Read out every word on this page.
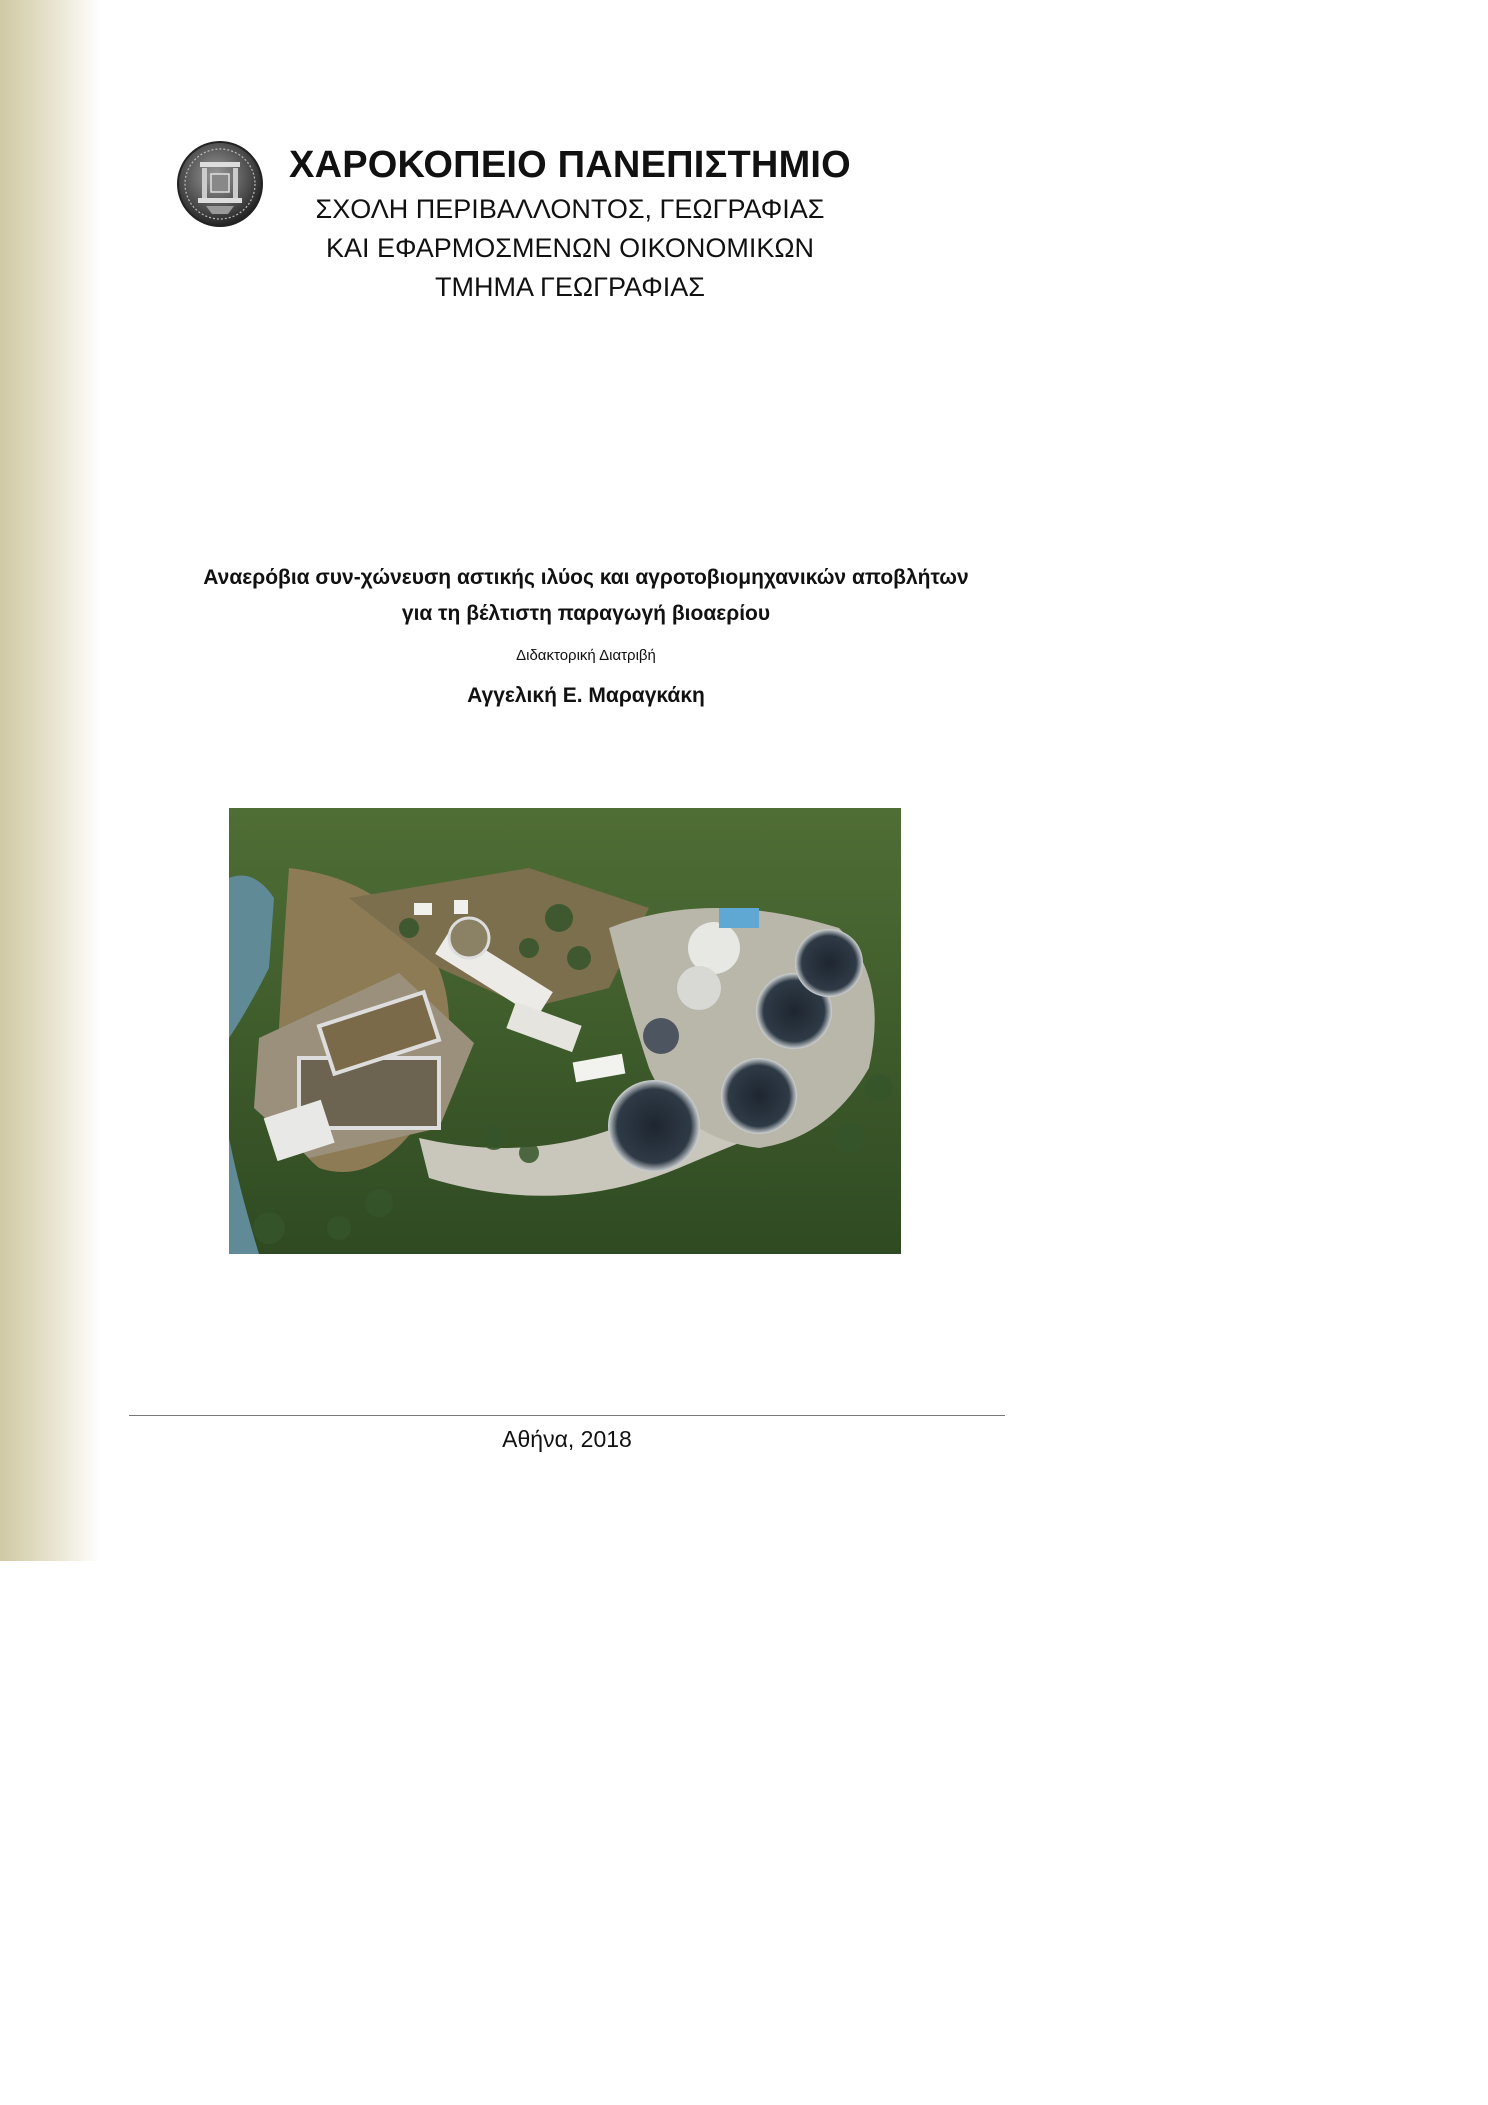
ΧΑΡΟΚΟΠΕΙΟ ΠΑΝΕΠΙΣΤΗΜΙΟ
ΣΧΟΛΗ ΠΕΡΙΒΑΛΛΟΝΤΟΣ, ΓΕΩΓΡΑΦΙΑΣ
ΚΑΙ ΕΦΑΡΜΟΣΜΕΝΩΝ ΟΙΚΟΝΟΜΙΚΩΝ
ΤΜΗΜΑ ΓΕΩΓΡΑΦΙΑΣ
Αναερόβια συν-χώνευση αστικής ιλύος και αγροτοβιομηχανικών αποβλήτων
για τη βέλτιστη παραγωγή βιοαερίου
Διδακτορική Διατριβή
Αγγελική Ε. Μαραγκάκη
Αθήνα, 2018
